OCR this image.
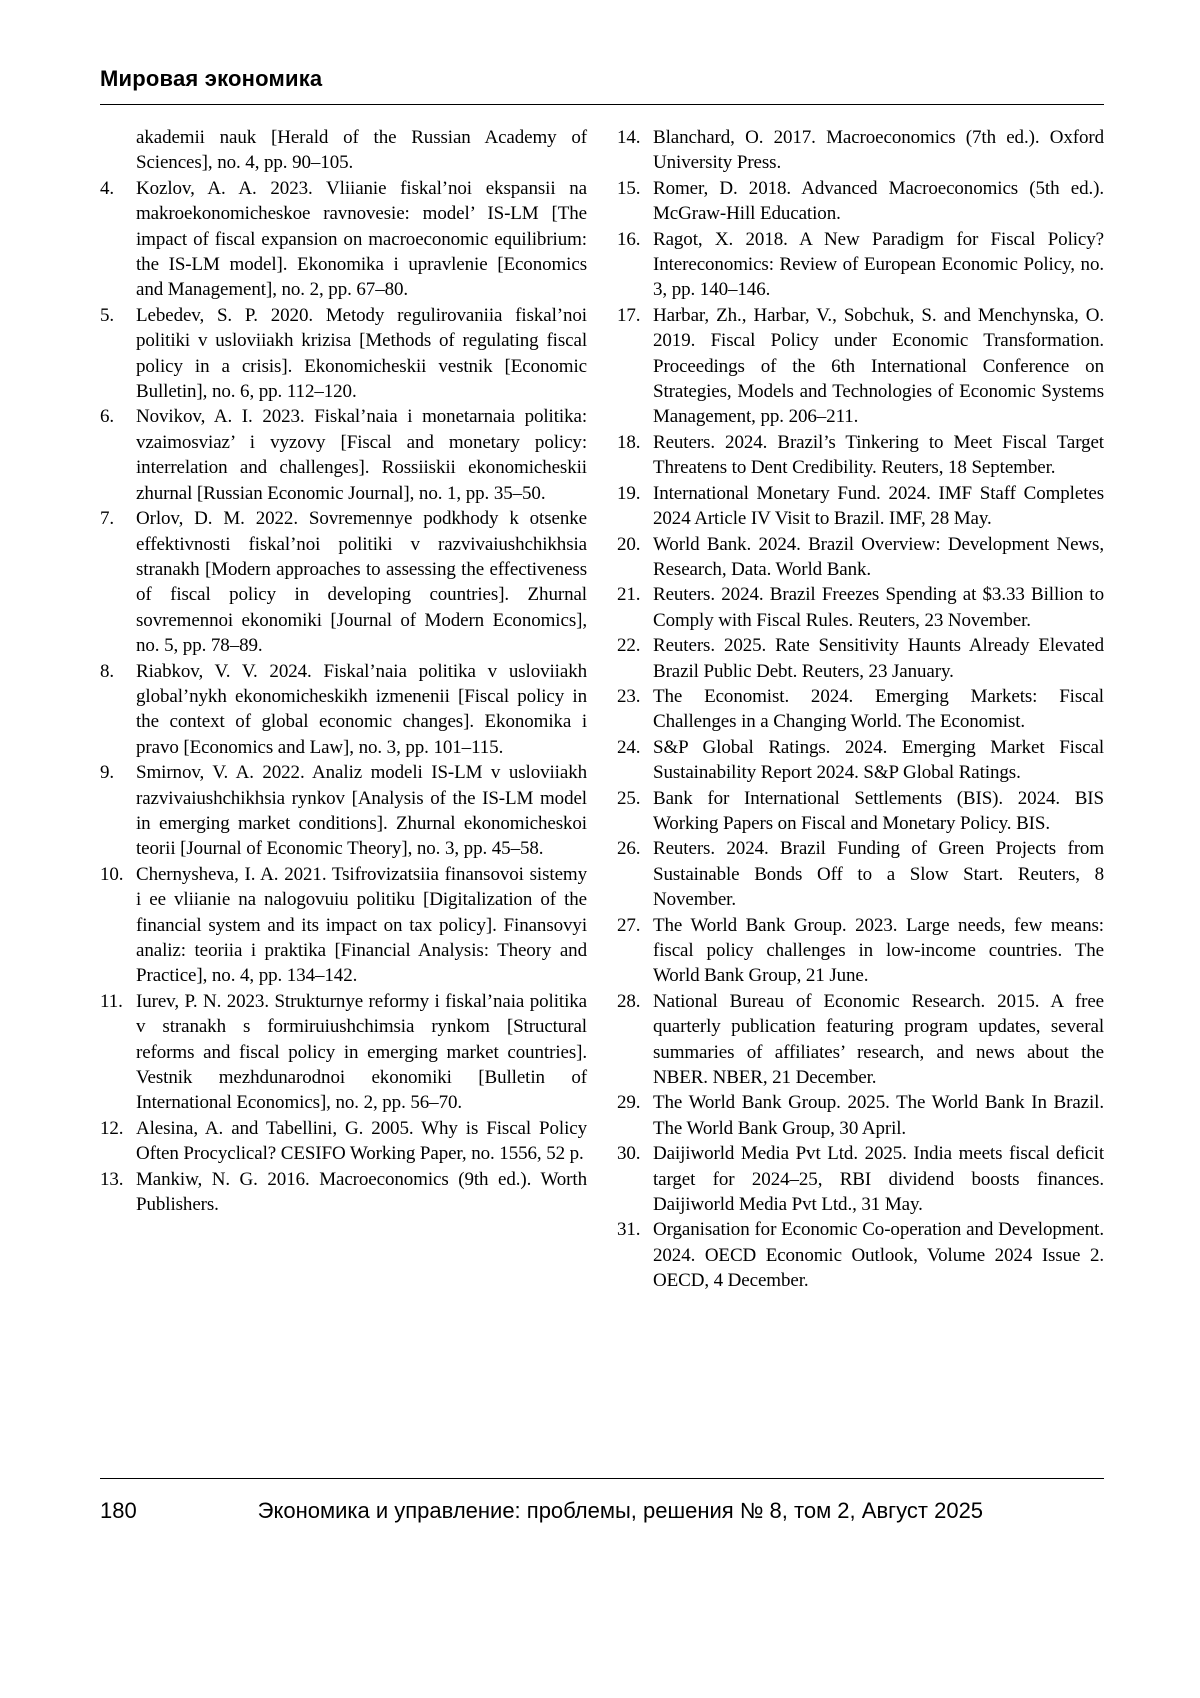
Мировая экономика
akademii nauk [Herald of the Russian Academy of Sciences], no. 4, pp. 90–105.
4. Kozlov, A. A. 2023. Vliianie fiskal’noi ekspansii na makroekonomicheskoe ravnovesie: model’ IS-LM [The impact of fiscal expansion on macroeconomic equilibrium: the IS-LM model]. Ekonomika i upravlenie [Economics and Management], no. 2, pp. 67–80.
5. Lebedev, S. P. 2020. Metody regulirovaniia fiskal’noi politiki v usloviiakh krizisa [Methods of regulating fiscal policy in a crisis]. Ekonomicheskii vestnik [Economic Bulletin], no. 6, pp. 112–120.
6. Novikov, A. I. 2023. Fiskal’naia i monetarnaia politika: vzaimosviaz’ i vyzovy [Fiscal and monetary policy: interrelation and challenges]. Rossiiskii ekonomicheskii zhurnal [Russian Economic Journal], no. 1, pp. 35–50.
7. Orlov, D. M. 2022. Sovremennye podkhody k otsenke effektivnosti fiskal’noi politiki v razvivaiushchikhsia stranakh [Modern approaches to assessing the effectiveness of fiscal policy in developing countries]. Zhurnal sovremennoi ekonomiki [Journal of Modern Economics], no. 5, pp. 78–89.
8. Riabkov, V. V. 2024. Fiskal’naia politika v usloviiakh global’nykh ekonomicheskikh izmenenii [Fiscal policy in the context of global economic changes]. Ekonomika i pravo [Economics and Law], no. 3, pp. 101–115.
9. Smirnov, V. A. 2022. Analiz modeli IS-LM v usloviiakh razvivaiushchikhsia rynkov [Analysis of the IS-LM model in emerging market conditions]. Zhurnal ekonomicheskoi teorii [Journal of Economic Theory], no. 3, pp. 45–58.
10. Chernysheva, I. A. 2021. Tsifrovizatsiia finansovoi sistemy i ee vliianie na nalogovuiu politiku [Digitalization of the financial system and its impact on tax policy]. Finansovyi analiz: teoriia i praktika [Financial Analysis: Theory and Practice], no. 4, pp. 134–142.
11. Iurev, P. N. 2023. Strukturnye reformy i fiskal’naia politika v stranakh s formiruiushchimsia rynkom [Structural reforms and fiscal policy in emerging market countries]. Vestnik mezhdunarodnoi ekonomiki [Bulletin of International Economics], no. 2, pp. 56–70.
12. Alesina, A. and Tabellini, G. 2005. Why is Fiscal Policy Often Procyclical? CESIFO Working Paper, no. 1556, 52 p.
13. Mankiw, N. G. 2016. Macroeconomics (9th ed.). Worth Publishers.
14. Blanchard, O. 2017. Macroeconomics (7th ed.). Oxford University Press.
15. Romer, D. 2018. Advanced Macroeconomics (5th ed.). McGraw-Hill Education.
16. Ragot, X. 2018. A New Paradigm for Fiscal Policy? Intereconomics: Review of European Economic Policy, no. 3, pp. 140–146.
17. Harbar, Zh., Harbar, V., Sobchuk, S. and Menchynska, O. 2019. Fiscal Policy under Economic Transformation. Proceedings of the 6th International Conference on Strategies, Models and Technologies of Economic Systems Management, pp. 206–211.
18. Reuters. 2024. Brazil’s Tinkering to Meet Fiscal Target Threatens to Dent Credibility. Reuters, 18 September.
19. International Monetary Fund. 2024. IMF Staff Completes 2024 Article IV Visit to Brazil. IMF, 28 May.
20. World Bank. 2024. Brazil Overview: Development News, Research, Data. World Bank.
21. Reuters. 2024. Brazil Freezes Spending at $3.33 Billion to Comply with Fiscal Rules. Reuters, 23 November.
22. Reuters. 2025. Rate Sensitivity Haunts Already Elevated Brazil Public Debt. Reuters, 23 January.
23. The Economist. 2024. Emerging Markets: Fiscal Challenges in a Changing World. The Economist.
24. S&P Global Ratings. 2024. Emerging Market Fiscal Sustainability Report 2024. S&P Global Ratings.
25. Bank for International Settlements (BIS). 2024. BIS Working Papers on Fiscal and Monetary Policy. BIS.
26. Reuters. 2024. Brazil Funding of Green Projects from Sustainable Bonds Off to a Slow Start. Reuters, 8 November.
27. The World Bank Group. 2023. Large needs, few means: fiscal policy challenges in low-income countries. The World Bank Group, 21 June.
28. National Bureau of Economic Research. 2015. A free quarterly publication featuring program updates, several summaries of affiliates’ research, and news about the NBER. NBER, 21 December.
29. The World Bank Group. 2025. The World Bank In Brazil. The World Bank Group, 30 April.
30. Daijiworld Media Pvt Ltd. 2025. India meets fiscal deficit target for 2024–25, RBI dividend boosts finances. Daijiworld Media Pvt Ltd., 31 May.
31. Organisation for Economic Co-operation and Development. 2024. OECD Economic Outlook, Volume 2024 Issue 2. OECD, 4 December.
180	Экономика и управление: проблемы, решения № 8, том 2, Август 2025
